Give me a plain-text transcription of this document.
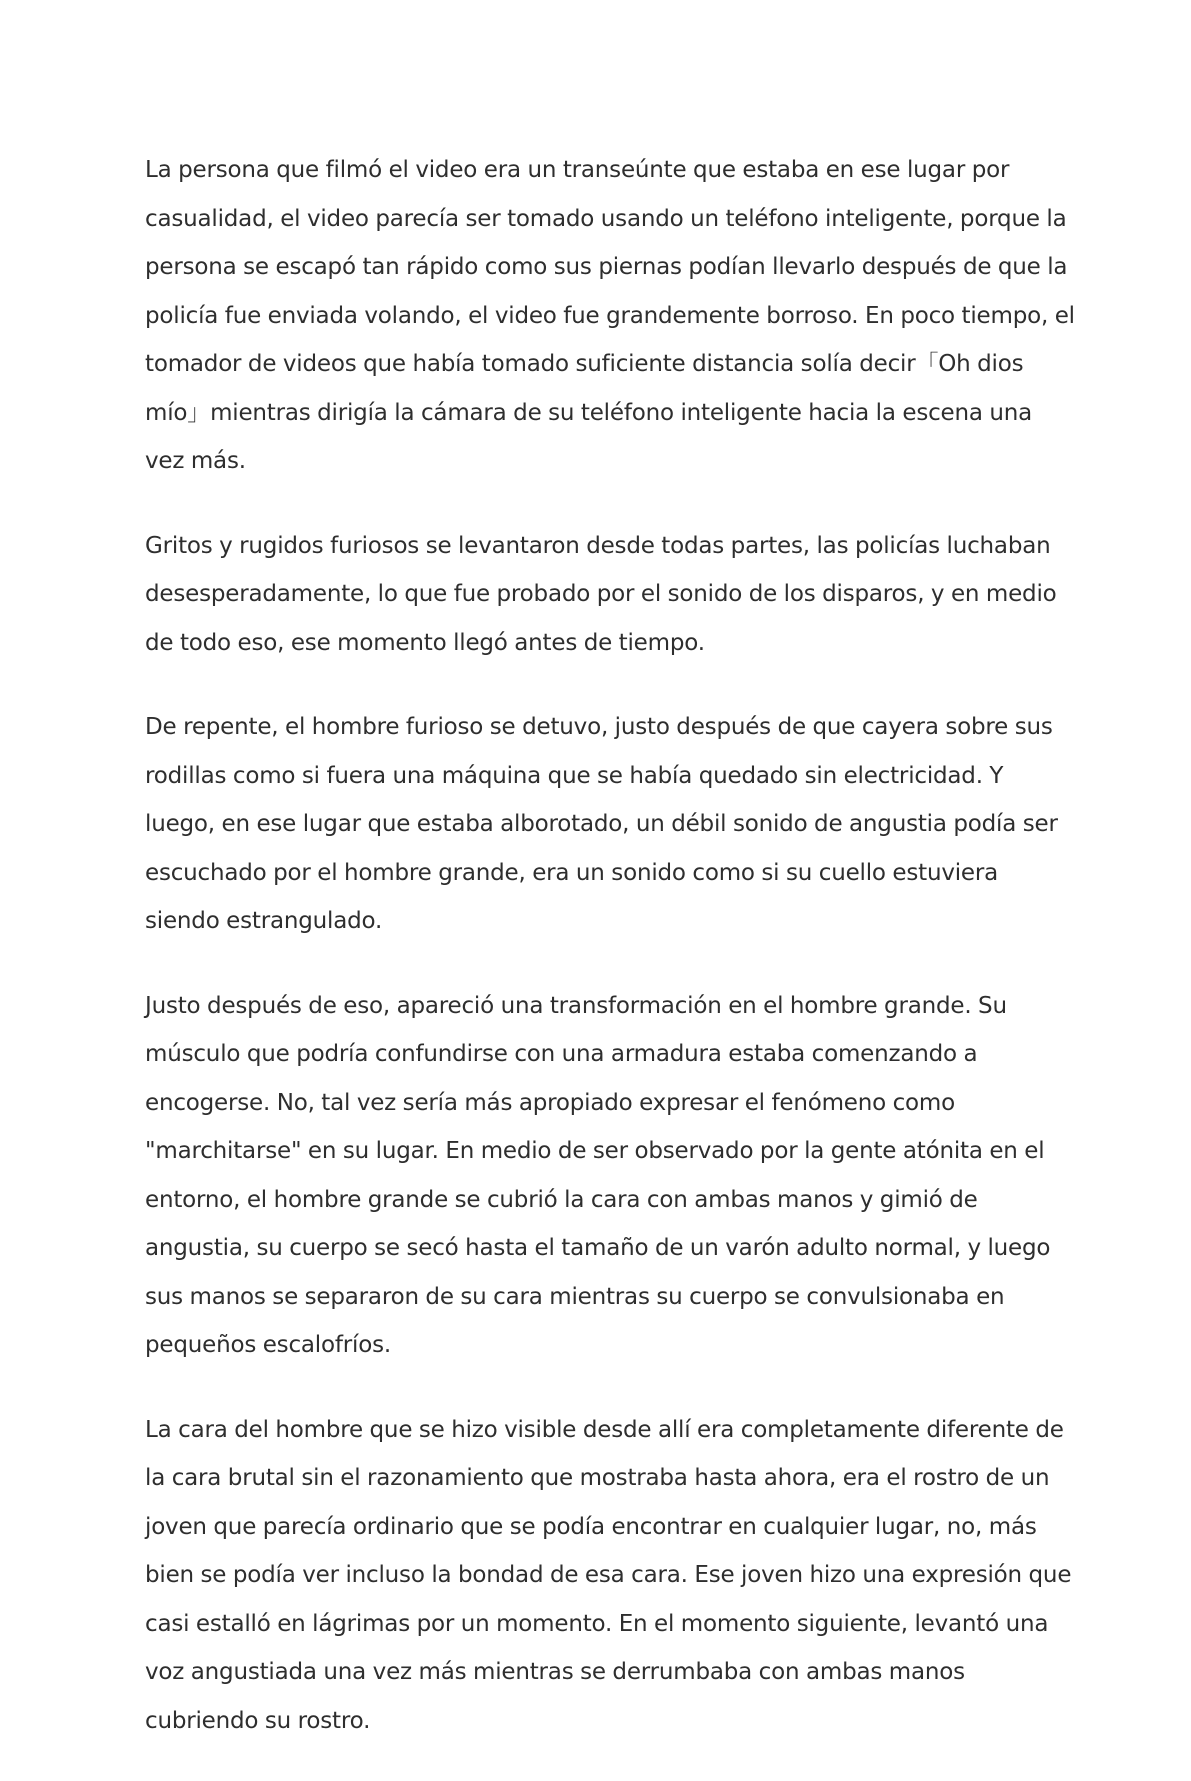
La persona que filmó el video era un transeúnte que estaba en ese lugar por casualidad, el video parecía ser tomado usando un teléfono inteligente, porque la persona se escapó tan rápido como sus piernas podían llevarlo después de que la policía fue enviada volando, el video fue grandemente borroso. En poco tiempo, el tomador de videos que había tomado suficiente distancia solía decir「Oh dios mío」mientras dirigía la cámara de su teléfono inteligente hacia la escena una vez más.

Gritos y rugidos furiosos se levantaron desde todas partes, las policías luchaban desesperadamente, lo que fue probado por el sonido de los disparos, y en medio de todo eso, ese momento llegó antes de tiempo.

De repente, el hombre furioso se detuvo, justo después de que cayera sobre sus rodillas como si fuera una máquina que se había quedado sin electricidad. Y luego, en ese lugar que estaba alborotado, un débil sonido de angustia podía ser escuchado por el hombre grande, era un sonido como si su cuello estuviera siendo estrangulado.

Justo después de eso, apareció una transformación en el hombre grande. Su músculo que podría confundirse con una armadura estaba comenzando a encogerse. No, tal vez sería más apropiado expresar el fenómeno como "marchitarse" en su lugar. En medio de ser observado por la gente atónita en el entorno, el hombre grande se cubrió la cara con ambas manos y gimió de angustia, su cuerpo se secó hasta el tamaño de un varón adulto normal, y luego sus manos se separaron de su cara mientras su cuerpo se convulsionaba en pequeños escalofríos.

La cara del hombre que se hizo visible desde allí era completamente diferente de la cara brutal sin el razonamiento que mostraba hasta ahora, era el rostro de un joven que parecía ordinario que se podía encontrar en cualquier lugar, no, más bien se podía ver incluso la bondad de esa cara. Ese joven hizo una expresión que casi estalló en lágrimas por un momento. En el momento siguiente, levantó una voz angustiada una vez más mientras se derrumbaba con ambas manos cubriendo su rostro.
